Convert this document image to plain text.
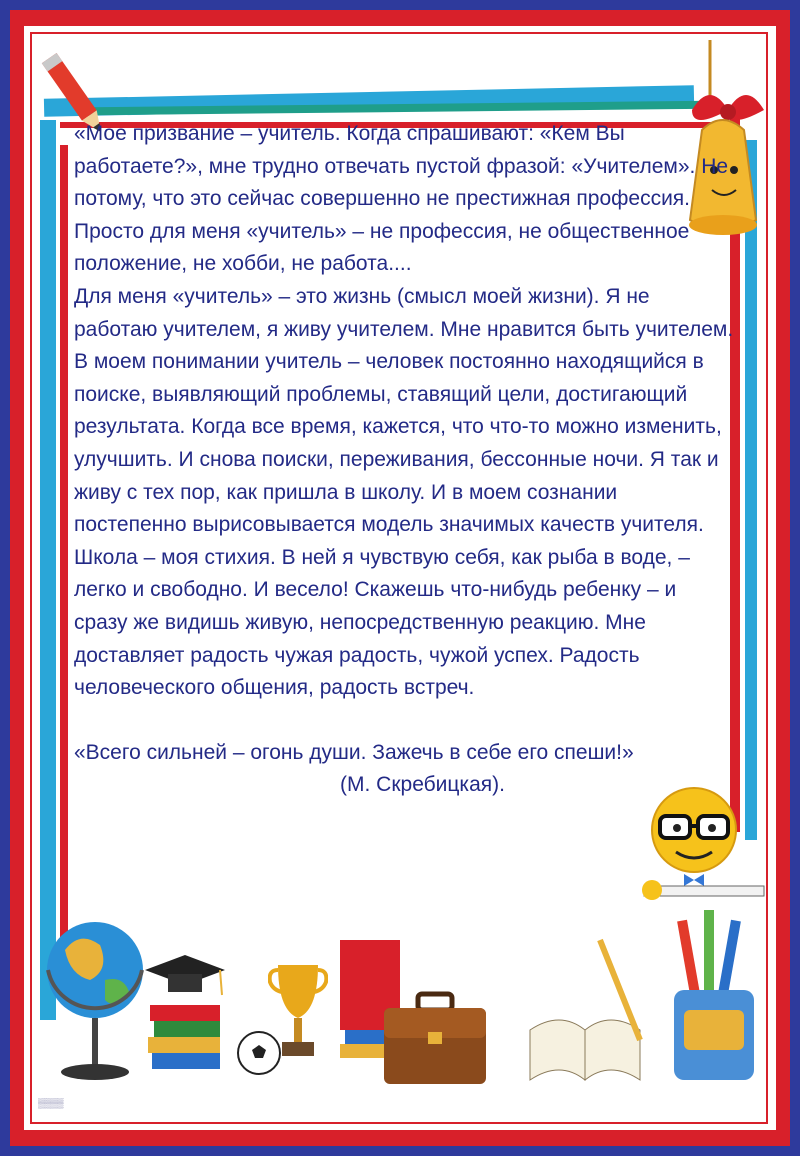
«Мое призвание – учитель. Когда спрашивают: «Кем Вы работаете?», мне трудно отвечать пустой фразой: «Учителем». Не потому, что это сейчас совершенно не престижная профессия. Просто для меня «учитель» – не профессия, не общественное положение, не хобби, не работа....

Для меня «учитель» – это жизнь (смысл моей жизни). Я не работаю учителем, я живу учителем. Мне нравится быть учителем. В моем понимании учитель – человек постоянно находящийся в поиске, выявляющий проблемы, ставящий цели, достигающий результата. Когда все время, кажется, что что-то можно изменить, улучшить. И снова поиски, переживания, бессонные ночи. Я так и живу с тех пор, как пришла в школу. И в моем сознании постепенно вырисовывается модель значимых качеств учителя.

Школа – моя стихия. В ней я чувствую себя, как рыба в воде, – легко и свободно. И весело! Скажешь что-нибудь ребенку – и сразу же видишь живую, непосредственную реакцию. Мне доставляет радость чужая радость, чужой успех. Радость человеческого общения, радость встреч.

«Всего сильней – огонь души. Зажечь в себе его спеши!»

(М. Скребицкая).

▒▒▒▒
